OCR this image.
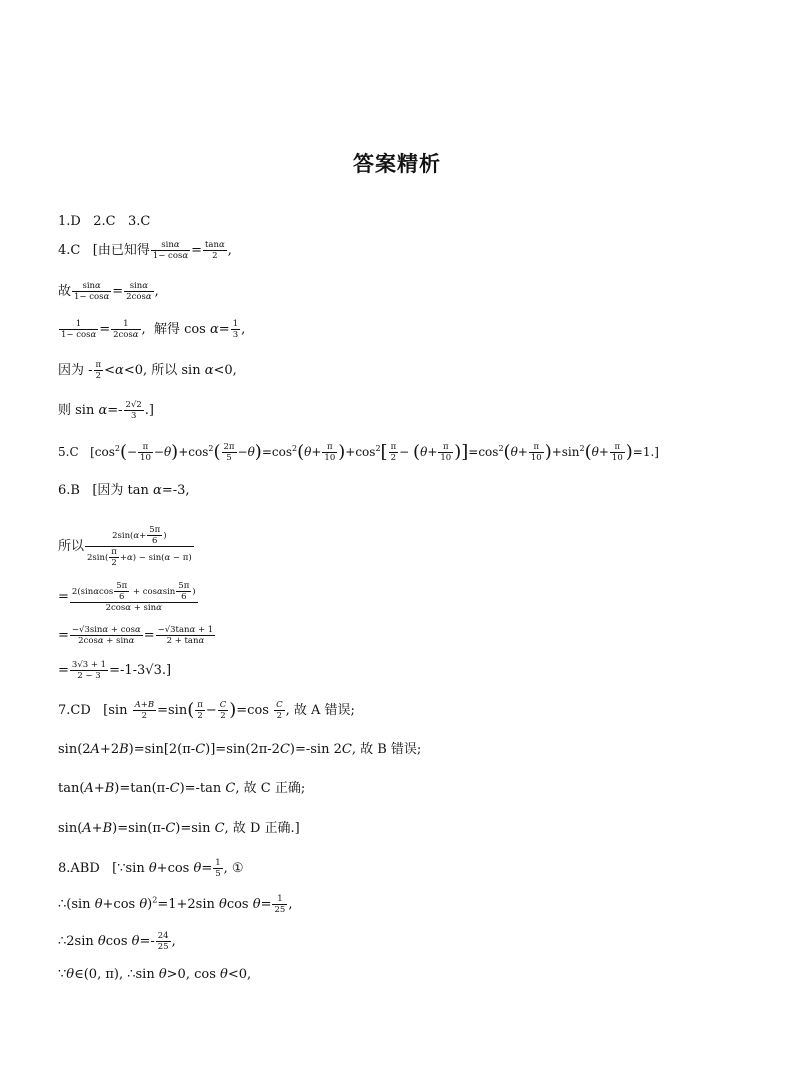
答案精析
1.D   2.C   3.C
4.C   [由已知得 $\frac{\sin\alpha}{1- \cos\alpha} = \frac{\tan\alpha}{2}$ ,
故 $\frac{\sin\alpha}{1- \cos\alpha} = \frac{\sin\alpha}{2\cos\alpha}$ ,
$\frac{1}{1- \cos\alpha} = \frac{1}{2\cos\alpha}$ ,  解得 $\cos \alpha= \frac{1}{3}$ ,
因为 - $\frac{\pi}{2} <\alpha<0$, 所以 sin α<0,
则 $\sin \alpha=- \frac{2√2}{3}$ .]
5.C   $[\cos^2(- \frac{\pi}{10} -\theta)+\cos^2( \frac{2\pi}{5} -\theta)=\cos^2(\theta+ \frac{\pi}{10} )+\cos^2[ \frac{\pi}{2} - (\theta+ \frac{\pi}{10} )]=\cos^2(\theta+ \frac{\pi}{10} )+\sin^2(\theta+ \frac{\pi}{10} )=1.]$
6.B   [因为 tan α=-3,
所以 $\frac{2\sin(\alpha+ \frac{5\pi}{6} )}{2\sin( \frac{\pi}{2} +\alpha) - \sin(\alpha - \pi)}$
= $\frac{2(\sin\alpha\cos \frac{5\pi}{6} + \cos\alpha\sin \frac{5\pi}{6} )}{2\cos\alpha + \sin\alpha}$
= $\frac{-√3\sin\alpha + \cos\alpha}{2\cos\alpha + \sin\alpha} = \frac{-√3\tan\alpha + 1}{2 + \tan\alpha}$
= $\frac{3√3 + 1}{2 - 3} =-1-3√3$.]
7.CD   [$\sin \frac{A+B}{2} =\sin( \frac{\pi}{2} - \frac{C}{2} )=\cos \frac{C}{2}$ , 故 A 错误;
sin(2A+2B)=sin[2(π-C)]=sin(2π-2C)=-sin 2C, 故 B 错误;
tan(A+B)=tan(π-C)=-tan C, 故 C 正确;
sin(A+B)=sin(π-C)=sin C, 故 D 正确.]
8.ABD   [∵sin θ+cos $\theta= \frac{1}{5}$ , ①
∴(sin θ+cos θ)$^2$=1+2sin θcos $\theta= \frac{1}{25}$ ,
∴2sin θcos $\theta=- \frac{24}{25}$ ,
∵θ∈(0, π), ∴sin θ>0, cos θ<0,
